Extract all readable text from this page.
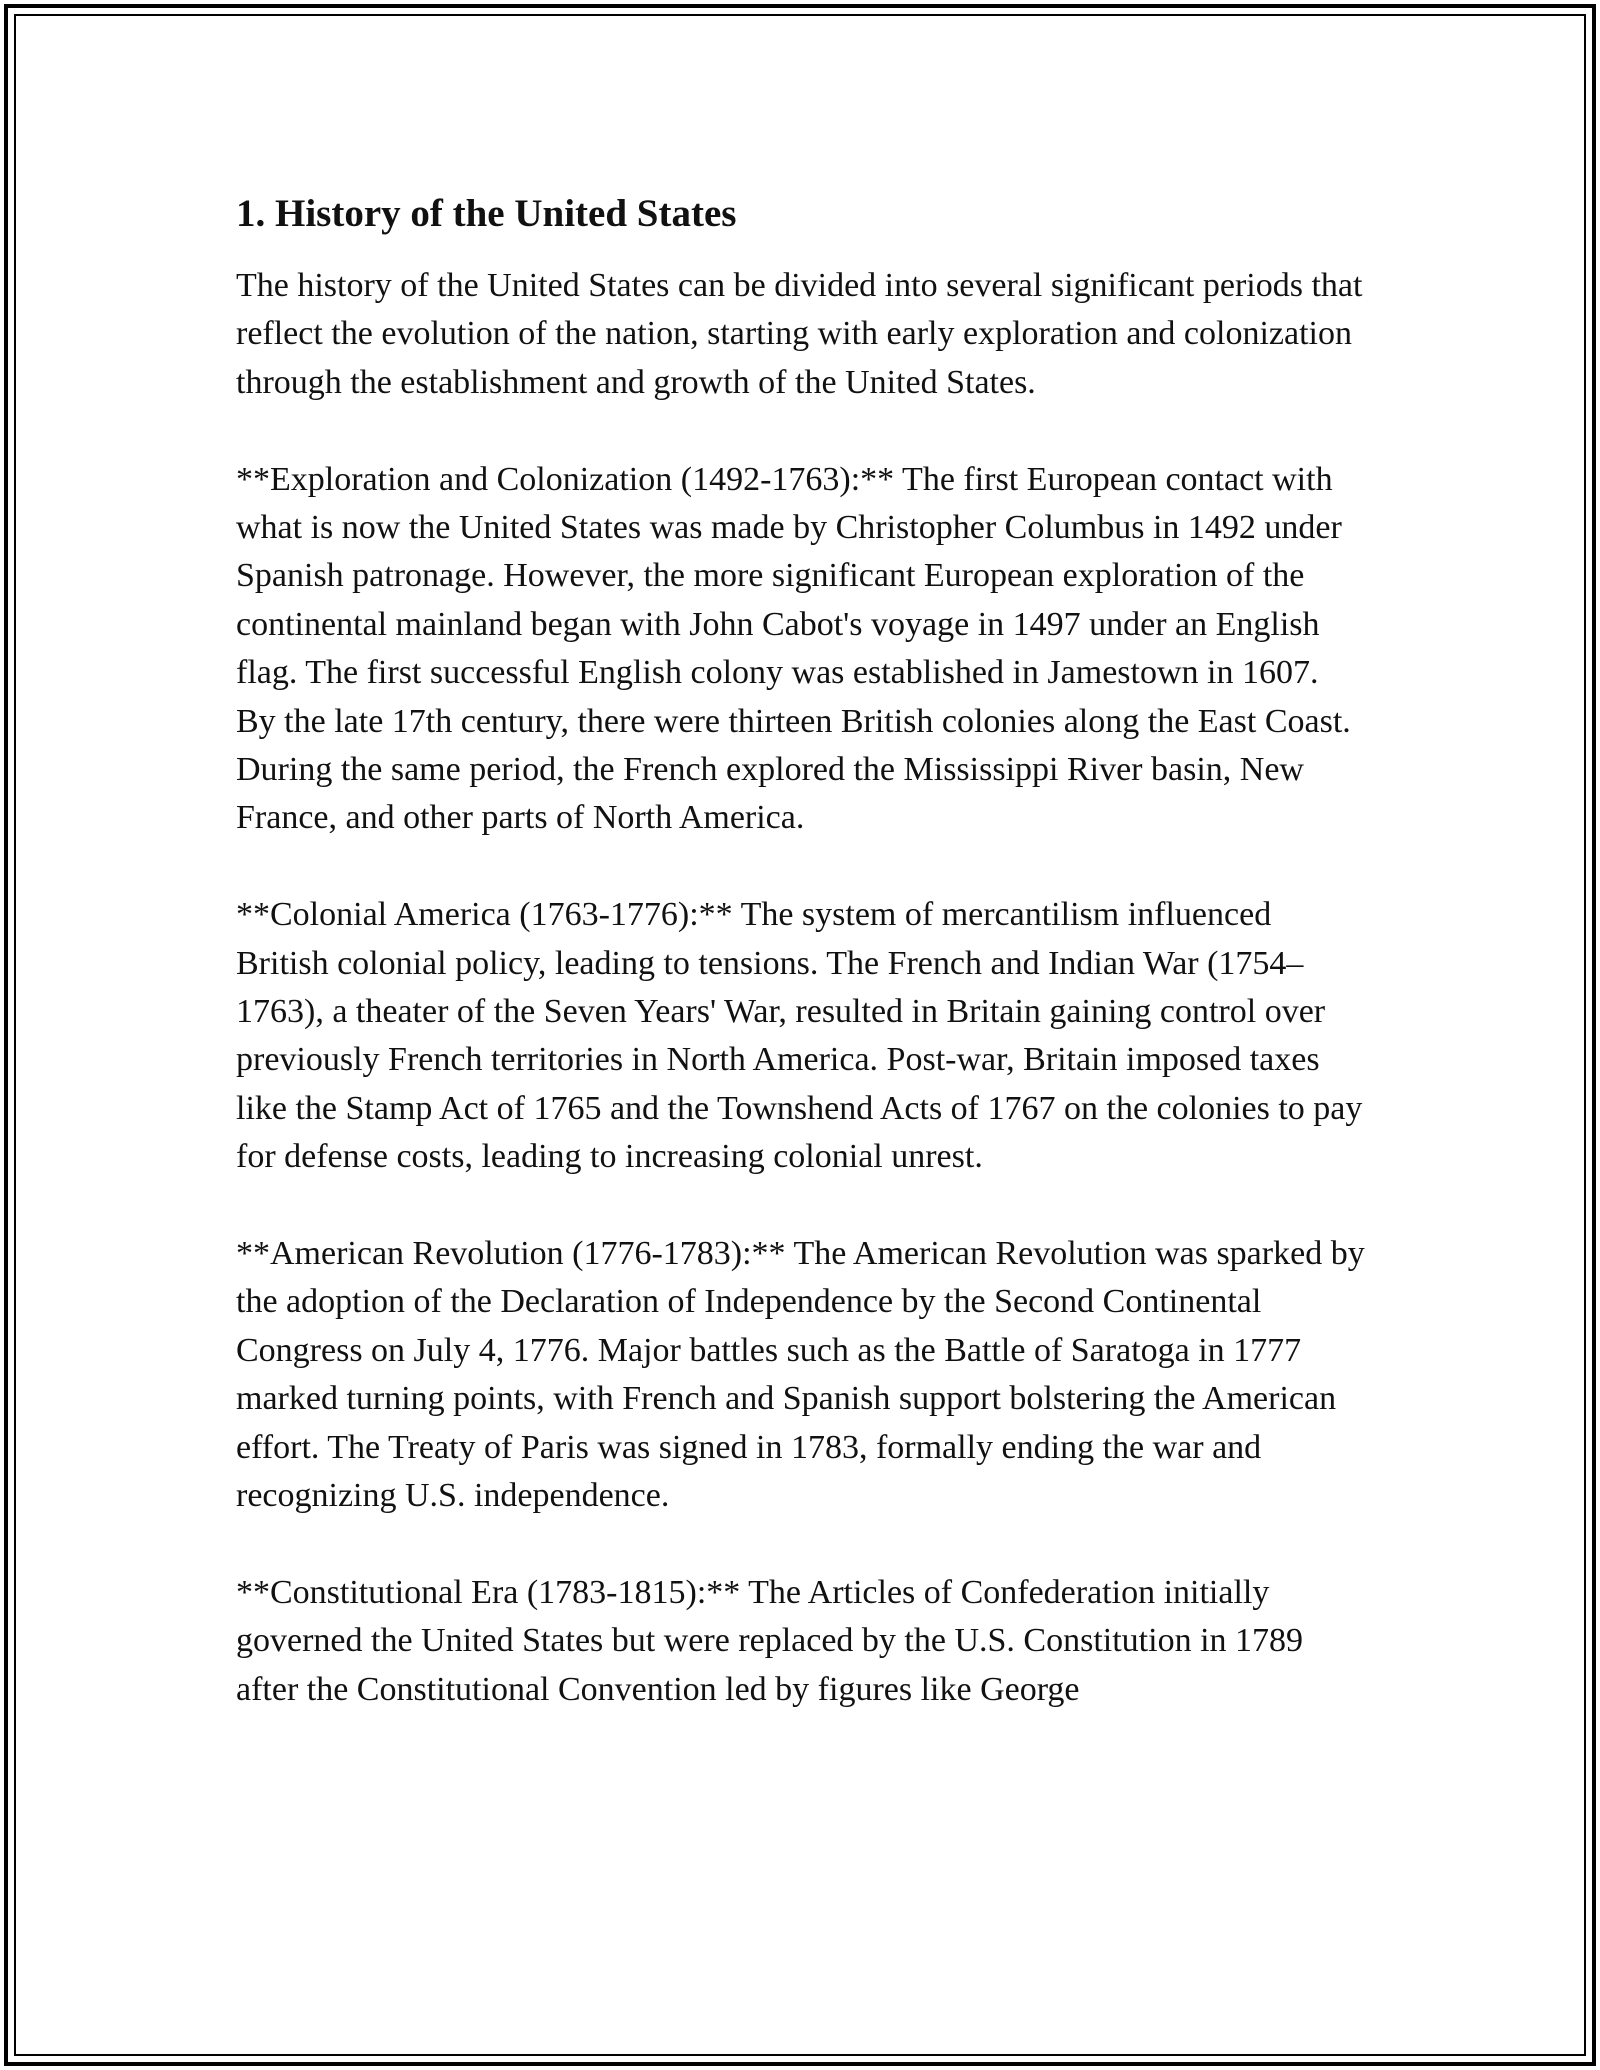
1. History of the United States

The history of the United States can be divided into several significant periods that reflect the evolution of the nation, starting with early exploration and colonization through the establishment and growth of the United States.

**Exploration and Colonization (1492-1763):** The first European contact with what is now the United States was made by Christopher Columbus in 1492 under Spanish patronage. However, the more significant European exploration of the continental mainland began with John Cabot's voyage in 1497 under an English flag. The first successful English colony was established in Jamestown in 1607. By the late 17th century, there were thirteen British colonies along the East Coast. During the same period, the French explored the Mississippi River basin, New France, and other parts of North America.

**Colonial America (1763-1776):** The system of mercantilism influenced British colonial policy, leading to tensions. The French and Indian War (1754–1763), a theater of the Seven Years' War, resulted in Britain gaining control over previously French territories in North America. Post-war, Britain imposed taxes like the Stamp Act of 1765 and the Townshend Acts of 1767 on the colonies to pay for defense costs, leading to increasing colonial unrest.

**American Revolution (1776-1783):** The American Revolution was sparked by the adoption of the Declaration of Independence by the Second Continental Congress on July 4, 1776. Major battles such as the Battle of Saratoga in 1777 marked turning points, with French and Spanish support bolstering the American effort. The Treaty of Paris was signed in 1783, formally ending the war and recognizing U.S. independence.

**Constitutional Era (1783-1815):** The Articles of Confederation initially governed the United States but were replaced by the U.S. Constitution in 1789 after the Constitutional Convention led by figures like George
